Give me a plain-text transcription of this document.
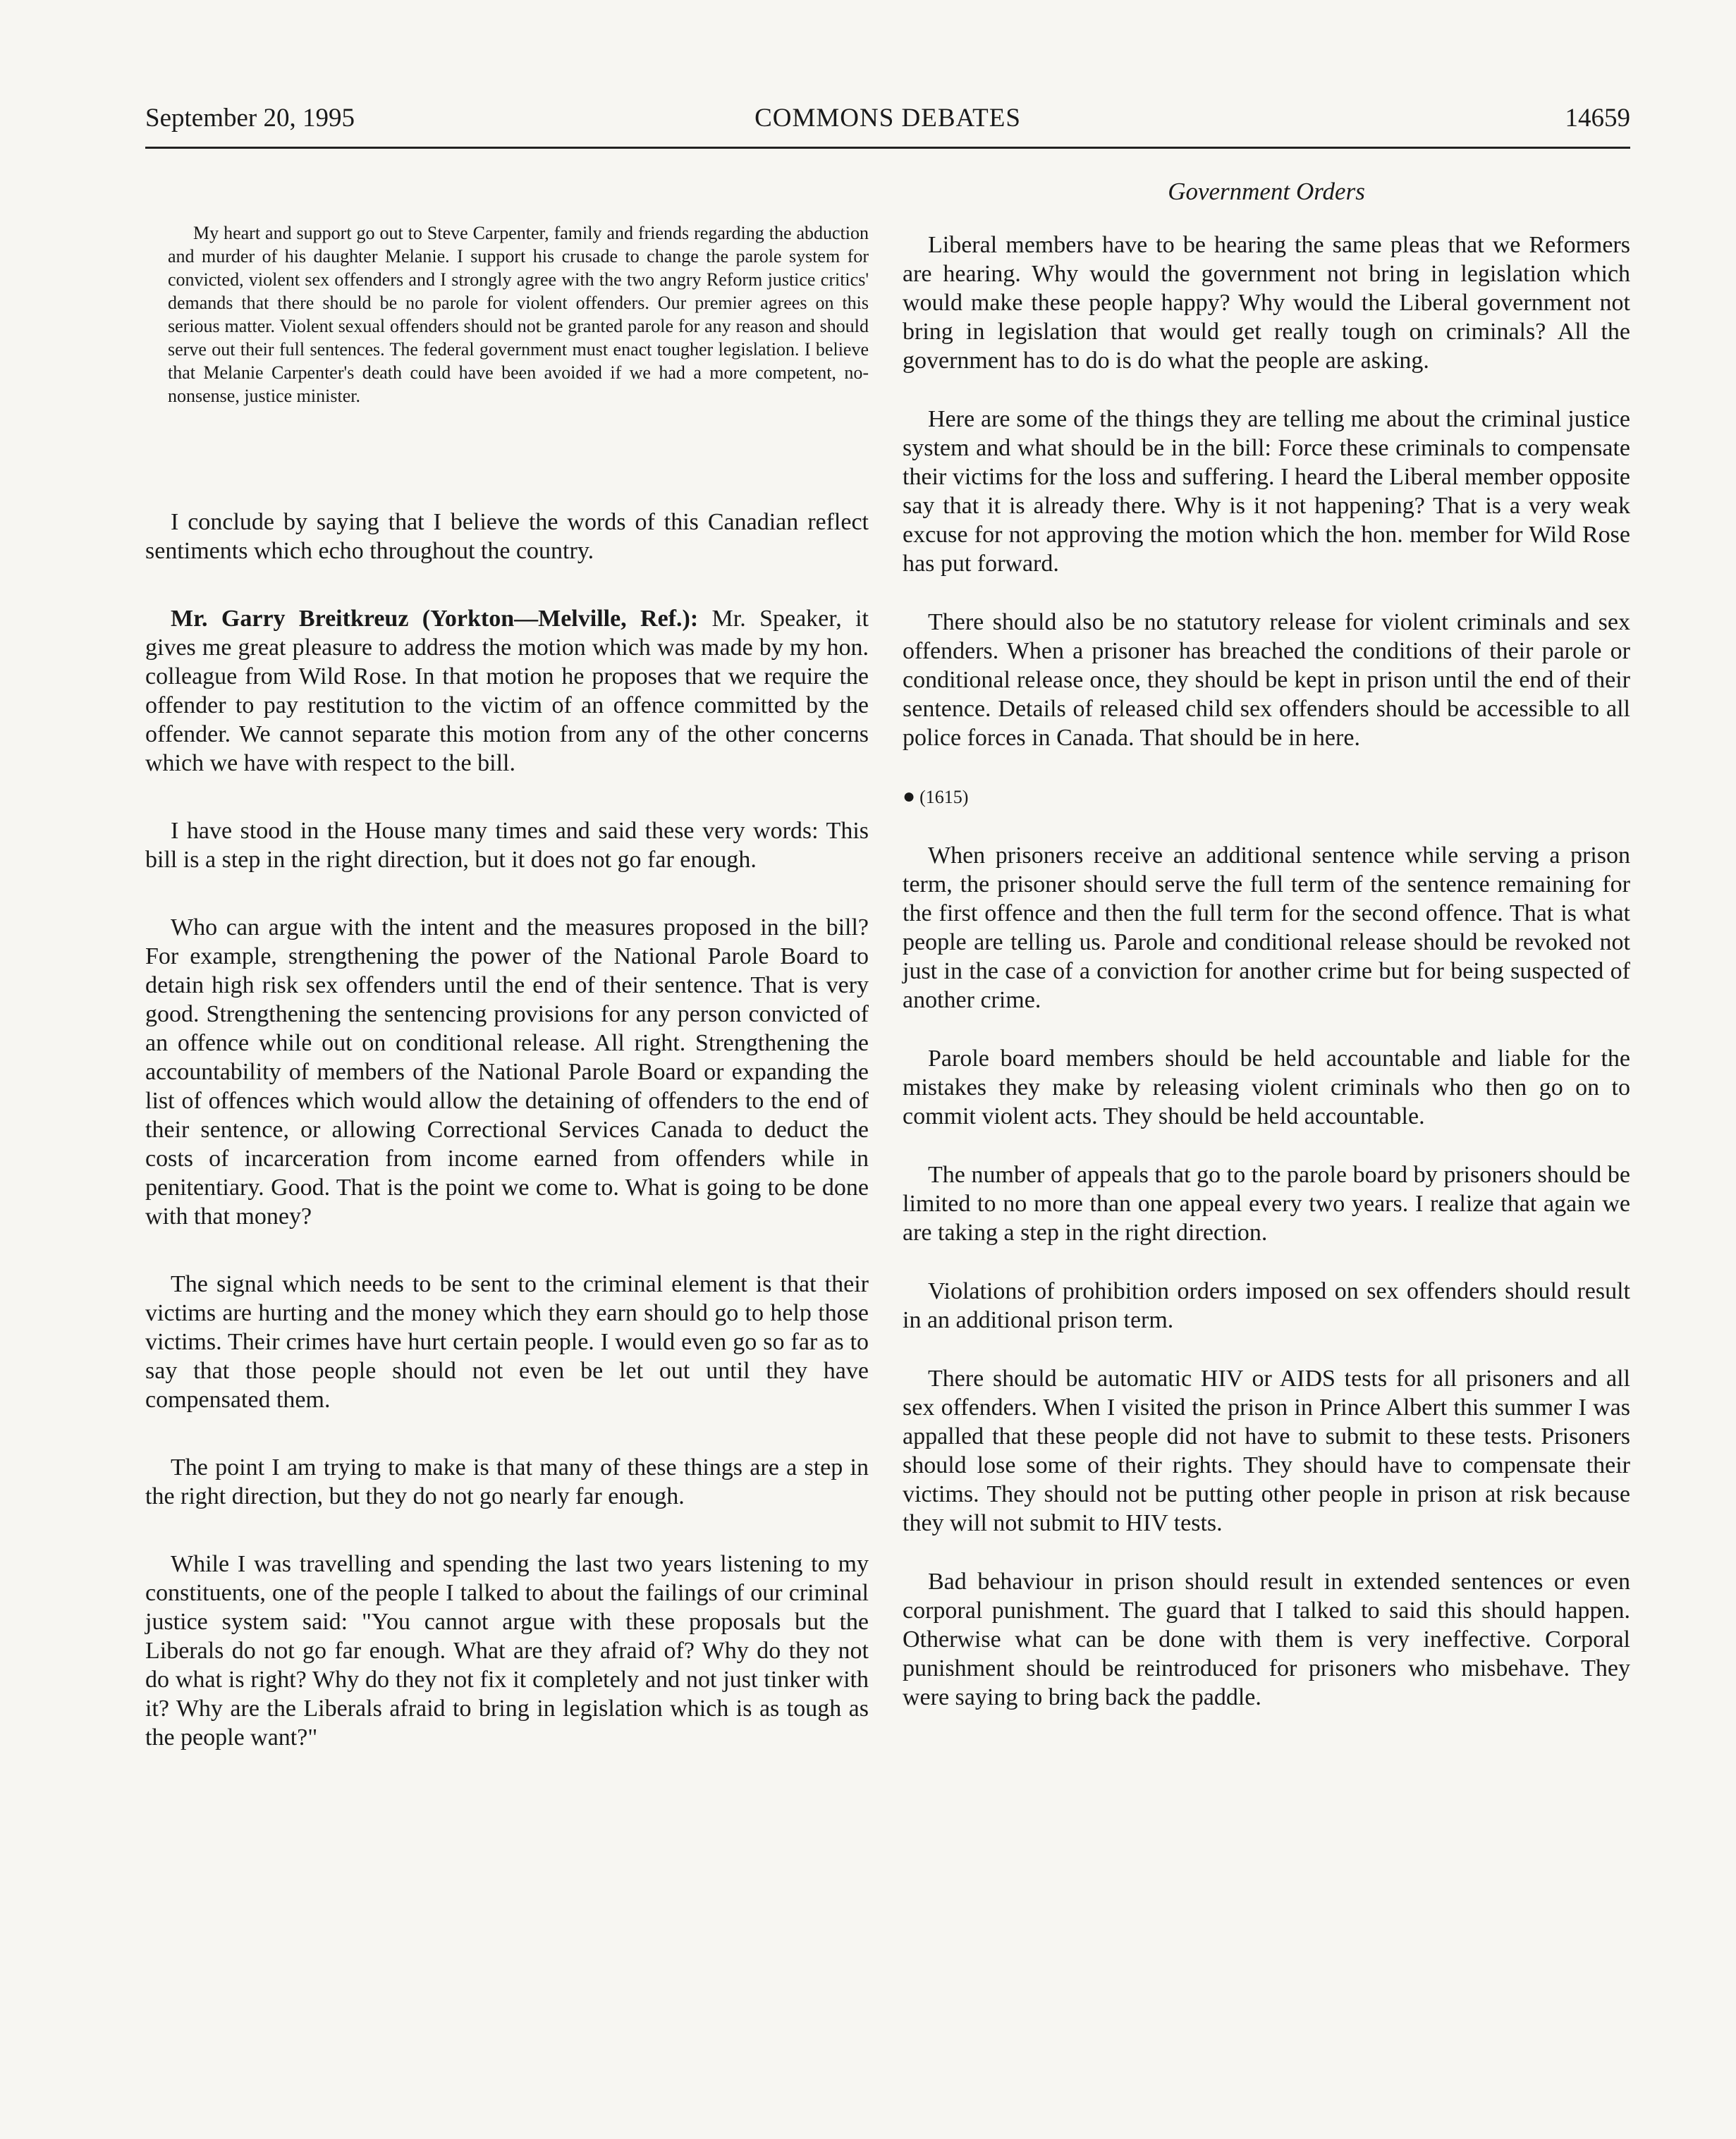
September 20, 1995	COMMONS DEBATES	14659
Government Orders

My heart and support go out to Steve Carpenter, family and friends regarding the abduction and murder of his daughter Melanie. I support his crusade to change the parole system for convicted, violent sex offenders and I strongly agree with the two angry Reform justice critics' demands that there should be no parole for violent offenders. Our premier agrees on this serious matter. Violent sexual offenders should not be granted parole for any reason and should serve out their full sentences. The federal government must enact tougher legislation. I believe that Melanie Carpenter's death could have been avoided if we had a more competent, no-nonsense, justice minister.

I conclude by saying that I believe the words of this Canadian reflect sentiments which echo throughout the country.

Mr. Garry Breitkreuz (Yorkton—Melville, Ref.): Mr. Speaker, it gives me great pleasure to address the motion which was made by my hon. colleague from Wild Rose. In that motion he proposes that we require the offender to pay restitution to the victim of an offence committed by the offender. We cannot separate this motion from any of the other concerns which we have with respect to the bill.

I have stood in the House many times and said these very words: This bill is a step in the right direction, but it does not go far enough.

Who can argue with the intent and the measures proposed in the bill? For example, strengthening the power of the National Parole Board to detain high risk sex offenders until the end of their sentence. That is very good. Strengthening the sentencing provisions for any person convicted of an offence while out on conditional release. All right. Strengthening the accountability of members of the National Parole Board or expanding the list of offences which would allow the detaining of offenders to the end of their sentence, or allowing Correctional Services Canada to deduct the costs of incarceration from income earned from offenders while in penitentiary. Good. That is the point we come to. What is going to be done with that money?

The signal which needs to be sent to the criminal element is that their victims are hurting and the money which they earn should go to help those victims. Their crimes have hurt certain people. I would even go so far as to say that those people should not even be let out until they have compensated them.

The point I am trying to make is that many of these things are a step in the right direction, but they do not go nearly far enough.

While I was travelling and spending the last two years listening to my constituents, one of the people I talked to about the failings of our criminal justice system said: "You cannot argue with these proposals but the Liberals do not go far enough. What are they afraid of? Why do they not do what is right? Why do they not fix it completely and not just tinker with it? Why are the Liberals afraid to bring in legislation which is as tough as the people want?"

Liberal members have to be hearing the same pleas that we Reformers are hearing. Why would the government not bring in legislation which would make these people happy? Why would the Liberal government not bring in legislation that would get really tough on criminals? All the government has to do is do what the people are asking.

Here are some of the things they are telling me about the criminal justice system and what should be in the bill: Force these criminals to compensate their victims for the loss and suffering. I heard the Liberal member opposite say that it is already there. Why is it not happening? That is a very weak excuse for not approving the motion which the hon. member for Wild Rose has put forward.

There should also be no statutory release for violent criminals and sex offenders. When a prisoner has breached the conditions of their parole or conditional release once, they should be kept in prison until the end of their sentence. Details of released child sex offenders should be accessible to all police forces in Canada. That should be in here.

● (1615)

When prisoners receive an additional sentence while serving a prison term, the prisoner should serve the full term of the sentence remaining for the first offence and then the full term for the second offence. That is what people are telling us. Parole and conditional release should be revoked not just in the case of a conviction for another crime but for being suspected of another crime.

Parole board members should be held accountable and liable for the mistakes they make by releasing violent criminals who then go on to commit violent acts. They should be held accountable.

The number of appeals that go to the parole board by prisoners should be limited to no more than one appeal every two years. I realize that again we are taking a step in the right direction.

Violations of prohibition orders imposed on sex offenders should result in an additional prison term.

There should be automatic HIV or AIDS tests for all prisoners and all sex offenders. When I visited the prison in Prince Albert this summer I was appalled that these people did not have to submit to these tests. Prisoners should lose some of their rights. They should have to compensate their victims. They should not be putting other people in prison at risk because they will not submit to HIV tests.

Bad behaviour in prison should result in extended sentences or even corporal punishment. The guard that I talked to said this should happen. Otherwise what can be done with them is very ineffective. Corporal punishment should be reintroduced for prisoners who misbehave. They were saying to bring back the paddle.
